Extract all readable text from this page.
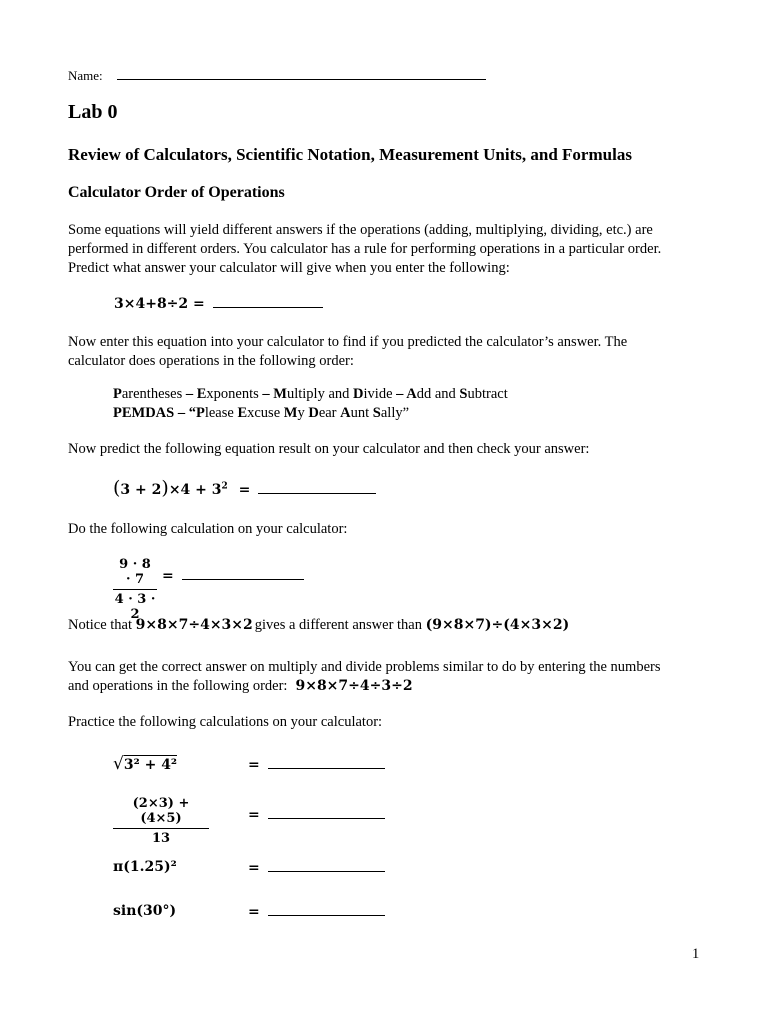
Name:
Lab 0
Review of Calculators, Scientific Notation, Measurement Units, and Formulas
Calculator Order of Operations
Some equations will yield different answers if the operations (adding, multiplying, dividing, etc.) are
performed in different orders. You calculator has a rule for performing operations in a particular order.
Predict what answer your calculator will give when you enter the following:
3×4+8÷2 =
Now enter this equation into your calculator to find if you predicted the calculator’s answer. The
calculator does operations in the following order:
Parentheses – Exponents – Multiply and Divide – Add and Subtract
PEMDAS – “Please Excuse My Dear Aunt Sally”
Now predict the following equation result on your calculator and then check your answer:
$(3 + 2)\times 4 + 3^2$ =
Do the following calculation on your calculator:
$\frac{9 \cdot 8 \cdot 7}{4 \cdot 3 \cdot 2}$ =
Notice that 9×8×7÷4×3×2 gives a different answer than (9×8×7)÷(4×3×2)
You can get the correct answer on multiply and divide problems similar to do by entering the numbers
and operations in the following order: 9×8×7÷4÷3÷2
Practice the following calculations on your calculator:
√3² + 4²	=
$\frac{(2\times 3) + (4\times 5)}{13}$	=
π(1.25)²	=
sin(30°)	=
1
